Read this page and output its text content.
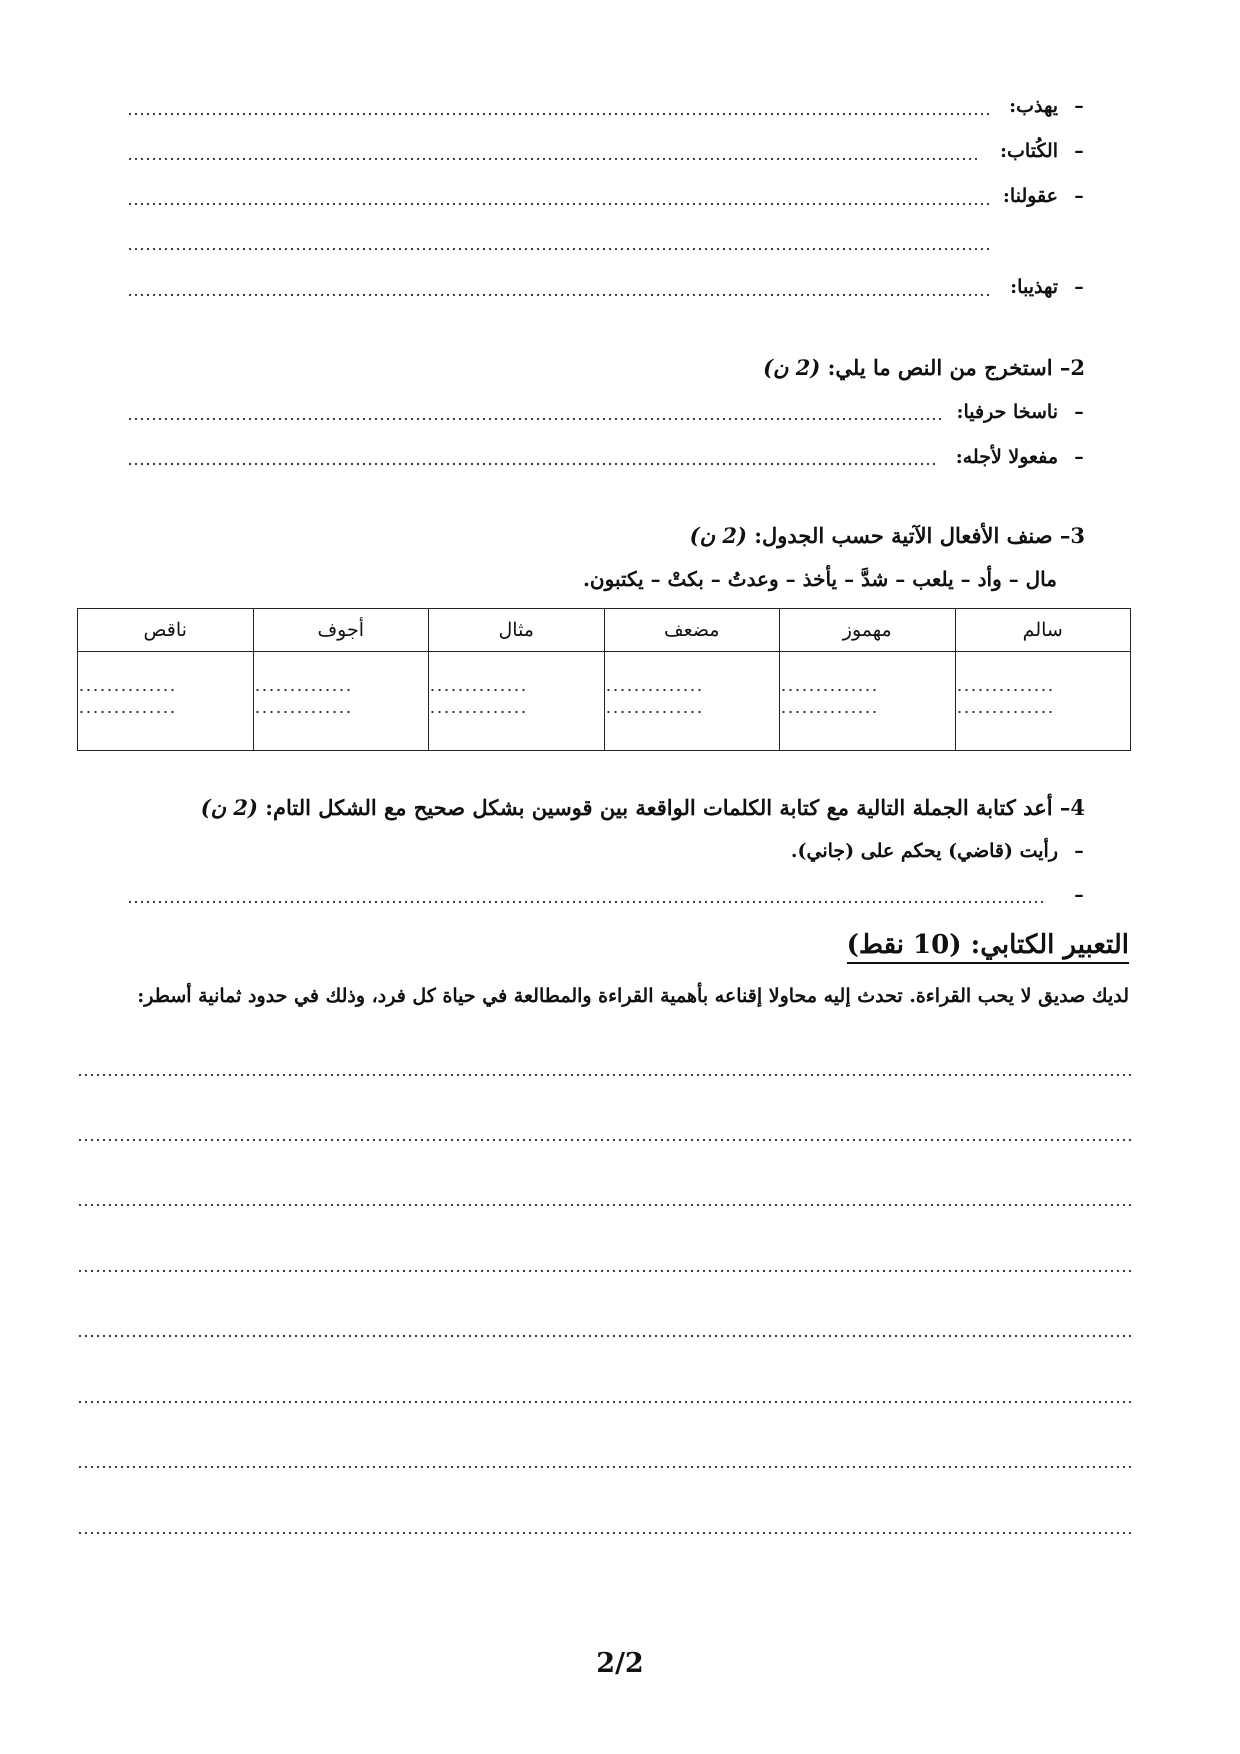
–يهذب:
–الكُتاب:
–عقولنا:
–تهذيبا:
2– استخرج من النص ما يلي: (2 ن)
–ناسخا حرفيا:
–مفعولا لأجله:
3– صنف الأفعال الآتية حسب الجدول: (2 ن)
مال – وأد – يلعب – شدَّ – يأخذ – وعدتُ – بكتْ – يكتبون.
سالم	مهموز	مضعف	مثال	أجوف	ناقص

4– أعد كتابة الجملة التالية مع كتابة الكلمات الواقعة بين قوسين بشكل صحيح مع الشكل التام: (2 ن)
–رأيت (قاضي) يحكم على (جاني).
–
التعبير الكتابي: (10 نقط)
لديك صديق لا يحب القراءة. تحدث إليه محاولا إقناعه بأهمية القراءة والمطالعة في حياة كل فرد، وذلك في حدود ثمانية أسطر:
2/2
